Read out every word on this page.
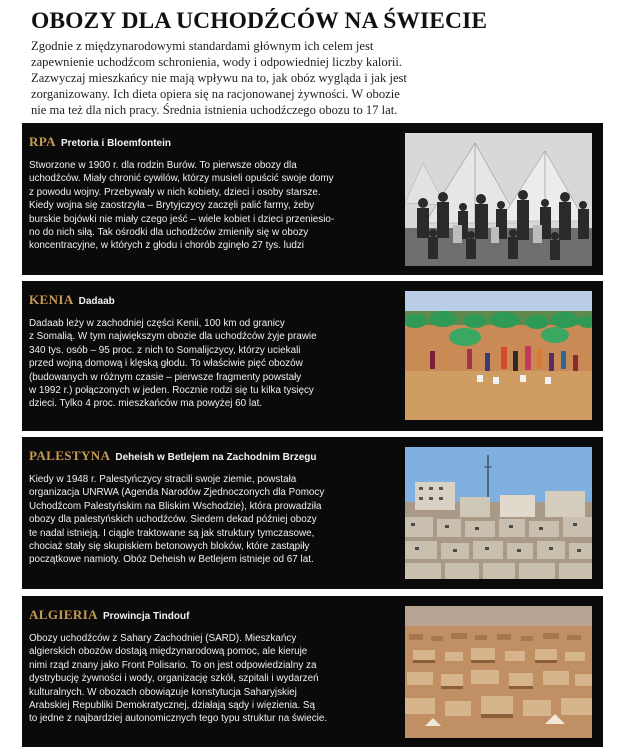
OBOZY DLA UCHODŹCÓW NA ŚWIECIE
Zgodnie z międzynarodowymi standardami głównym ich celem jest
zapewnienie uchodźcom schronienia, wody i odpowiedniej liczby kalorii.
Zazwyczaj mieszkańcy nie mają wpływu na to, jak obóz wygląda i jak jest
zorganizowany. Ich dieta opiera się na racjonowanej żywności. W obozie
nie ma też dla nich pracy. Średnia istnienia uchodźczego obozu to 17 lat.
RPA Pretoria i Bloemfontein
Stworzone w 1900 r. dla rodzin Burów. To pierwsze obozy dla
uchodźców. Miały chronić cywilów, którzy musieli opuścić swoje domy
z powodu wojny. Przebywały w nich kobiety, dzieci i osoby starsze.
Kiedy wojna się zaostrzyła – Brytyjczycy zaczęli palić farmy, żeby
burskie bojówki nie miały czego jeść – wiele kobiet i dzieci przeniesio-
no do nich siłą. Tak ośrodki dla uchodźców zmieniły się w obozy
koncentracyjne, w których z głodu i chorób zginęło 27 tys. ludzi
KENIA Dadaab
Dadaab leży w zachodniej części Kenii, 100 km od granicy
z Somalią. W tym największym obozie dla uchodźców żyje prawie
340 tys. osób – 95 proc. z nich to Somalijczycy, którzy uciekali
przed wojną domową i klęską głodu. To właściwie pięć obozów
(budowanych w różnym czasie – pierwsze fragmenty powstały
w 1992 r.) połączonych w jeden. Rocznie rodzi się tu kilka tysięcy
dzieci. Tylko 4 proc. mieszkańców ma powyżej 60 lat.
PALESTYNA Deheish w Betlejem na Zachodnim Brzegu
Kiedy w 1948 r. Palestyńczycy stracili swoje ziemie, powstała
organizacja UNRWA (Agenda Narodów Zjednoczonych dla Pomocy
Uchodźcom Palestyńskim na Bliskim Wschodzie), która prowadziła
obozy dla palestyńskich uchodźców. Siedem dekad później obozy
te nadal istnieją. I ciągle traktowane są jak struktury tymczasowe,
chociaż stały się skupiskiem betonowych bloków, które zastąpiły
początkowe namioty. Obóz Deheish w Betlejem istnieje od 67 lat.
ALGIERIA Prowincja Tindouf
Obozy uchodźców z Sahary Zachodniej (SARD). Mieszkańcy
algierskich obozów dostają międzynarodową pomoc, ale kieruje
nimi rząd znany jako Front Polisario. To on jest odpowiedzialny za
dystrybucję żywności i wody, organizację szkół, szpitali i wydarzeń
kulturalnych. W obozach obowiązuje konstytucja Saharyjskiej
Arabskiej Republiki Demokratycznej, działają sądy i więzienia. Są
to jedne z najbardziej autonomicznych tego typu struktur na świecie.
